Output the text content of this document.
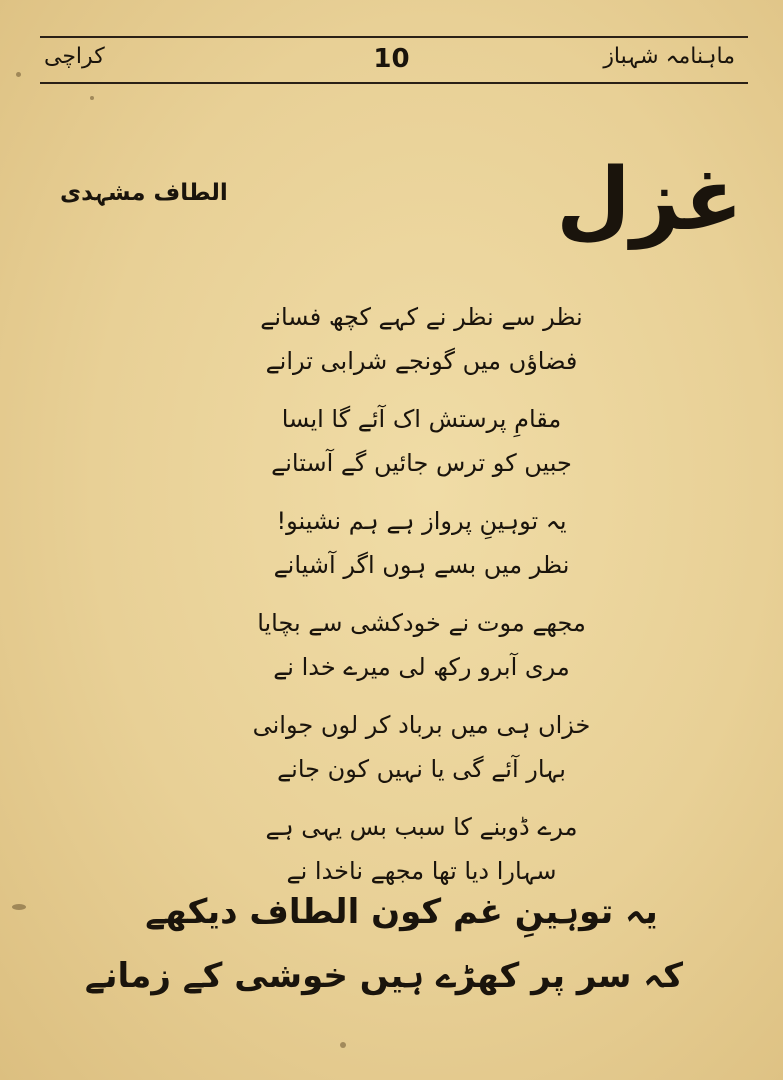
ماہنامہ شہباز
10
کراچی
غزل
الطاف مشہدی
نظر سے نظر نے کہے کچھ فسانے
فضاؤں میں گونجے شرابی ترانے
مقامِ پرستش اک آئے گا ایسا
جبیں کو ترس جائیں گے آستانے
یہ توہینِ پرواز ہے ہم نشینو!
نظر میں بسے ہوں اگر آشیانے
مجھے موت نے خودکشی سے بچایا
مری آبرو رکھ لی میرے خدا نے
خزاں ہی میں برباد کر لوں جوانی
بہار آئے گی یا نہیں کون جانے
مرے ڈوبنے کا سبب بس یہی ہے
سہارا دیا تھا مجھے ناخدا نے
یہ توہینِ غم کون الطاف دیکھے
کہ سر پر کھڑے ہیں خوشی کے زمانے
